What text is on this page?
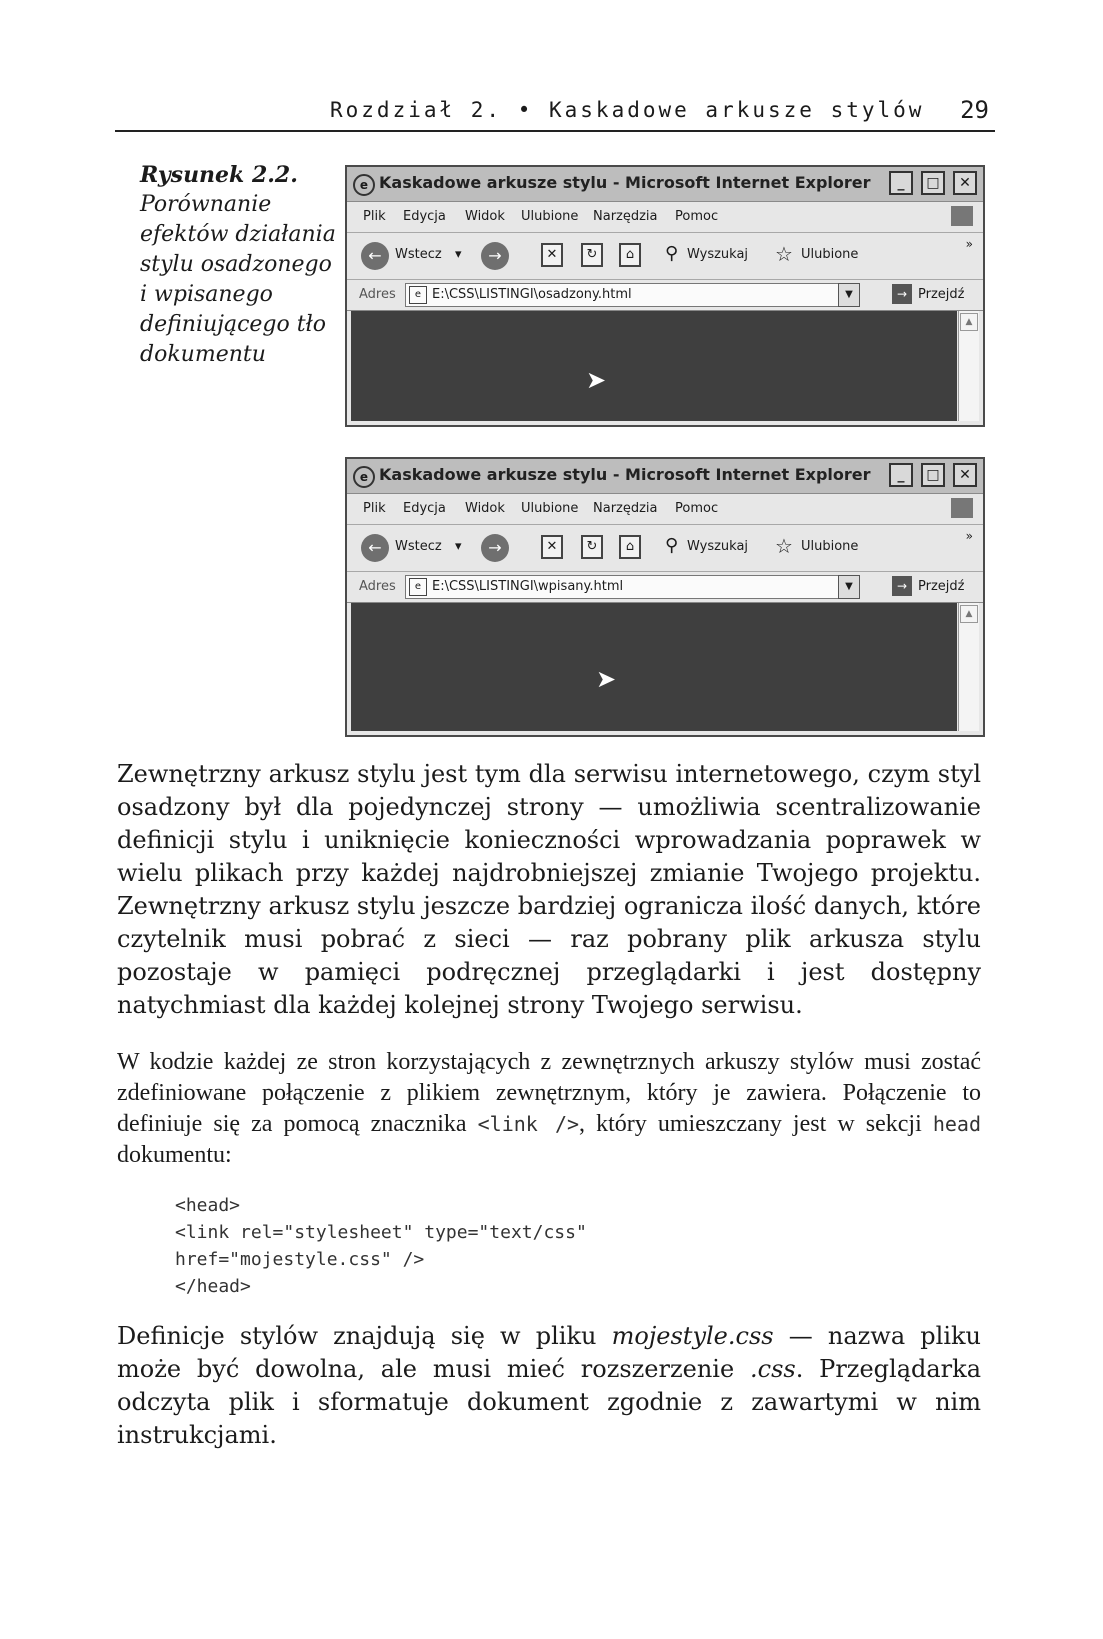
Rozdział 2. • Kaskadowe arkusze stylów 29
Rysunek 2.2.
Porównanie efektów działania stylu osadzonego i wpisanego definiującego tło dokumentu
e Kaskadowe arkusze stylu - Microsoft Internet Explorer	_	□	✕
Plik Edycja Widok Ulubione Narzędzia Pomoc
←	Wstecz ▾	→	✕	↻	⌂	⚲ Wyszukaj ☆ Ulubione
»
Adres	e E:\CSS\LISTINGI\osadzony.html	▼	→ Przejdź
➤
▲
e Kaskadowe arkusze stylu - Microsoft Internet Explorer	_	□	✕
Plik Edycja Widok Ulubione Narzędzia Pomoc
←	Wstecz ▾	→	✕	↻	⌂	⚲ Wyszukaj ☆ Ulubione
»
Adres	e E:\CSS\LISTINGI\wpisany.html	▼	→ Przejdź
➤
▲

Zewnętrzny arkusz stylu jest tym dla serwisu internetowego, czym styl osadzony był dla pojedynczej strony — umożliwia scentralizowanie definicji stylu i uniknięcie konieczności wprowadzania poprawek w wielu plikach przy każdej najdrobniejszej zmianie Twojego projektu. Zewnętrzny arkusz stylu jeszcze bardziej ogranicza ilość danych, które czytelnik musi pobrać z sieci — raz pobrany plik arkusza stylu pozostaje w pamięci podręcznej przeglądarki i jest dostępny natychmiast dla każdej kolejnej strony Twojego serwisu.

W kodzie każdej ze stron korzystających z zewnętrznych arkuszy stylów musi zostać zdefiniowane połączenie z plikiem zewnętrznym, który je zawiera. Połączenie to definiuje się za pomocą znacznika <link />, który umieszczany jest w sekcji head dokumentu:

<head>
<link rel="stylesheet" type="text/css"
href="mojestyle.css" />
</head>

Definicje stylów znajdują się w pliku mojestyle.css — nazwa pliku może być dowolna, ale musi mieć rozszerzenie .css. Przeglądarka odczyta plik i sformatuje dokument zgodnie z zawartymi w nim instrukcjami.
